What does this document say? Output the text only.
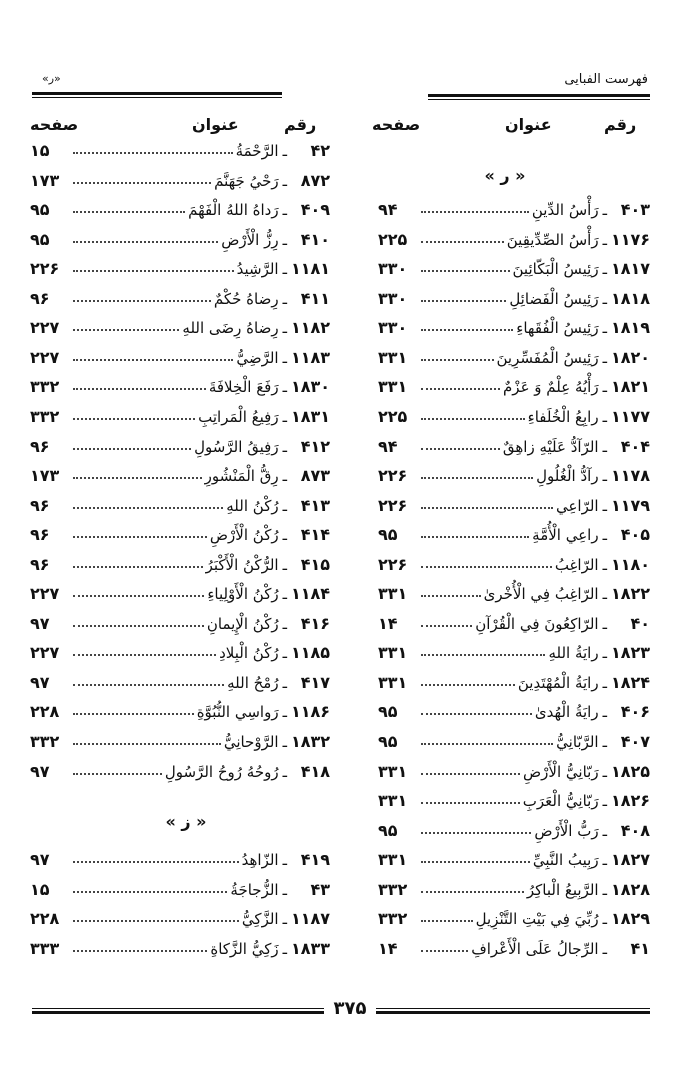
فهرست الفبايى
«ر»
رقم
عنوان
صفحه
رقم
عنوان
صفحه
« ر »
« ز »
۴۰۳
ـ
رَأْسُ الدِّينِ
۹۴
۱۱۷۶
ـ
رَأْسُ الصِّدِّيقِينَ
۲۲۵
۱۸۱۷
ـ
رَئِيسُ الْبَكّائِينَ
۳۳۰
۱۸۱۸
ـ
رَئِيسُ الْفَضائِلِ
۳۳۰
۱۸۱۹
ـ
رَئِيسُ الْفُقَهاءِ
۳۳۰
۱۸۲۰
ـ
رَئِيسُ الْمُفَسِّرِينَ
۳۳۱
۱۸۲۱
ـ
رَأْيُهُ عِلْمٌ وَ عَزْمٌ
۳۳۱
۱۱۷۷
ـ
رابِعُ الْخُلَفاءِ
۲۲۵
۴۰۴
ـ
الرّآدُّ عَلَيْهِ زاهِقٌ
۹۴
۱۱۷۸
ـ
رآدُّ الْغُلُولِ
۲۲۶
۱۱۷۹
ـ
الرّاعِي
۲۲۶
۴۰۵
ـ
راعِي الْأُمَّةِ
۹۵
۱۱۸۰
ـ
الرّاغِبُ
۲۲۶
۱۸۲۲
ـ
الرّاغِبُ فِي الْأُخْرىٰ
۳۳۱
۴۰
ـ
الرّاكِعُونَ فِي الْقُرْآنِ
۱۴
۱۸۲۳
ـ
رايَةُ اللهِ
۳۳۱
۱۸۲۴
ـ
رايَةُ الْمُهْتَدِينَ
۳۳۱
۴۰۶
ـ
رايَةُ الْهُدىٰ
۹۵
۴۰۷
ـ
الرَّبّانِيُّ
۹۵
۱۸۲۵
ـ
رَبّانِيُّ الْأَرْضِ
۳۳۱
۱۸۲۶
ـ
رَبّانِيُّ الْعَرَبِ
۳۳۱
۴۰۸
ـ
رَبُّ الْأَرْضِ
۹۵
۱۸۲۷
ـ
رَبِيبُ النَّبِيِّ
۳۳۱
۱۸۲۸
ـ
الرَّبِيعُ الْباكِرُ
۳۳۲
۱۸۲۹
ـ
رُبِّيَ فِي بَيْتِ التَّنْزِيلِ
۳۳۲
۴۱
ـ
الرِّجالُ عَلَى الْأَعْرافِ
۱۴
۴۲
ـ
الرَّحْمَةُ
۱۵
۸۷۲
ـ
رَحْيُ جَهَنَّمَ
۱۷۳
۴۰۹
ـ
رَداهُ اللهُ الْفَهْمَ
۹۵
۴۱۰
ـ
رِزُّ الْأَرْضِ
۹۵
۱۱۸۱
ـ
الرَّشِيدُ
۲۲۶
۴۱۱
ـ
رِضاهُ حُكْمٌ
۹۶
۱۱۸۲
ـ
رِضاهُ رِضَى اللهِ
۲۲۷
۱۱۸۳
ـ
الرَّضِيُّ
۲۲۷
۱۸۳۰
ـ
رَفَعَ الْخِلافَةَ
۳۳۲
۱۸۳۱
ـ
رَفِيعُ الْمَراتِبِ
۳۳۲
۴۱۲
ـ
رَفِيقُ الرَّسُولِ
۹۶
۸۷۳
ـ
رِقُّ الْمَنْشُورِ
۱۷۳
۴۱۳
ـ
رُكْنُ اللهِ
۹۶
۴۱۴
ـ
رُكْنُ الْأَرْضِ
۹۶
۴۱۵
ـ
الرُّكْنُ الْأَكْبَرُ
۹۶
۱۱۸۴
ـ
رُكْنُ الْأَوْلِياءِ
۲۲۷
۴۱۶
ـ
رُكْنُ الْإِيمانِ
۹۷
۱۱۸۵
ـ
رُكْنُ الْبِلادِ
۲۲۷
۴۱۷
ـ
رُمْحُ اللهِ
۹۷
۱۱۸۶
ـ
رَواسِي النُّبُوَّةِ
۲۲۸
۱۸۳۲
ـ
الرَّوْحانِيُّ
۳۳۲
۴۱۸
ـ
رُوحُهُ رُوحُ الرَّسُولِ
۹۷
۴۱۹
ـ
الزّاهِدُ
۹۷
۴۳
ـ
الزُّجاجَةُ
۱۵
۱۱۸۷
ـ
الزَّكِيُّ
۲۲۸
۱۸۳۳
ـ
زَكِيُّ الزَّكاةِ
۳۳۳
۳۷۵
